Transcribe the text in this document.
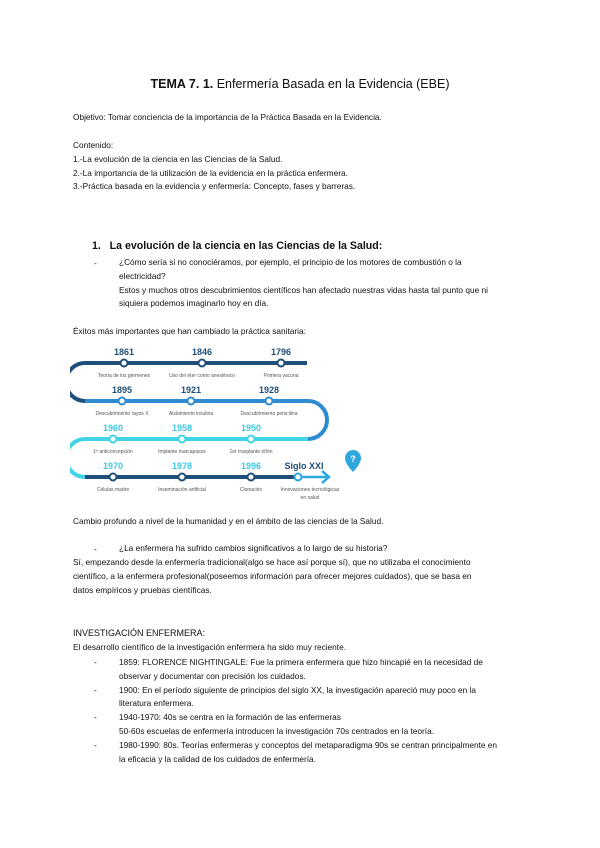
TEMA 7. 1. Enfermería Basada en la Evidencia (EBE)
Objetivo: Tomar conciencia de la importancia de la Práctica Basada en la Evidencia.
Contenido:
1.-La evolución de la ciencia en las Ciencias de la Salud.
2.-La importancia de la utilización de la evidencia en la práctica enfermera.
3.-Práctica basada en la evidencia y enfermería: Concepto, fases y barreras.
1.   La evolución de la ciencia en las Ciencias de la Salud:
-	¿Cómo sería si no conociéramos, por ejemplo, el principio de los motores de combustión o la
electricidad?
Estos y muchos otros descubrimientos científicos han afectado nuestras vidas hasta tal punto que ni
siquiera podemos imaginarlo hoy en día.
Éxitos más importantes que han cambiado la práctica sanitaria:
1861
Teoría de los gérmenes
1846
Uso del éter como anestésico
1796
Primera vacuna
1895
Descubrimiento rayos X
1921
Aislamiento insulina
1928
Descubrimiento penicilina
1960
1ª anticoncepción
1958
Implante marcapasos
1950
1er trasplante riñón
1970
Células madre
1978
Inseminación artificial
1996
Clonación
Siglo XXI
Innovaciones tecnológicas
en salud
?
Cambio profundo a nivel de la humanidad y en el ámbito de las ciencias de la Salud.
-	¿La enfermera ha sufrido cambios significativos a lo largo de su historia?
Sí, empezando desde la enfermería tradicional(algo se hace así porque sí), que no utilizaba el conocimiento
científico, a la enfermera profesional(poseemos información para ofrecer mejores cuidados), que se basa en
datos empíricos y pruebas científicas.
INVESTIGACIÓN ENFERMERA:
El desarrollo científico de la investigación enfermera ha sido muy reciente.
-	1859: FLORENCE NIGHTINGALE: Fue la primera enfermera que hizo hincapié en la necesidad de
observar y documentar con precisión los cuidados.
-	1900: En el período siguiente de principios del siglo XX, la investigación apareció muy poco en la
literatura enfermera.
-	1940-1970: 40s se centra en la formación de las enfermeras
50-60s escuelas de enfermería introducen la investigación 70s centrados en la teoría.
-	1980-1990: 80s. Teorías enfermeras y conceptos del metaparadigma 90s se centran principalmente en
la eficacia y la calidad de los cuidados de enfermería.
